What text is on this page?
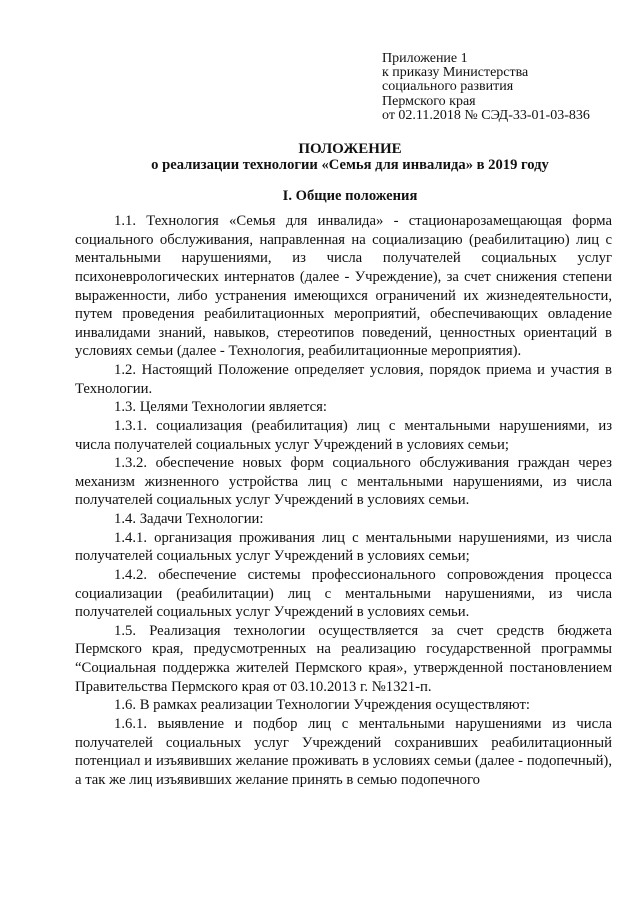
Приложение 1
к приказу Министерства
социального развития
Пермского края
от 02.11.2018 № СЭД-33-01-03-836
ПОЛОЖЕНИЕ
о реализации технологии «Семья для инвалида» в 2019 году
I. Общие положения

1.1. Технология «Семья для инвалида» - стационарозамещающая форма социального обслуживания, направленная на социализацию (реабилитацию) лиц с ментальными нарушениями, из числа получателей социальных услуг психоневрологических интернатов (далее - Учреждение), за счет снижения степени выраженности, либо устранения имеющихся ограничений их жизнедеятельности, путем проведения реабилитационных мероприятий, обеспечивающих овладение инвалидами знаний, навыков, стереотипов поведений, ценностных ориентаций в условиях семьи (далее - Технология, реабилитационные мероприятия).

1.2. Настоящий Положение определяет условия, порядок приема и участия в Технологии.

1.3. Целями Технологии является:

1.3.1. социализация (реабилитация) лиц с ментальными нарушениями, из числа получателей социальных услуг Учреждений в условиях семьи;

1.3.2. обеспечение новых форм социального обслуживания граждан через механизм жизненного устройства лиц с ментальными нарушениями, из числа получателей социальных услуг Учреждений в условиях семьи.

1.4. Задачи Технологии:

1.4.1. организация проживания лиц с ментальными нарушениями, из числа получателей социальных услуг Учреждений в условиях семьи;

1.4.2. обеспечение системы профессионального сопровождения процесса социализации (реабилитации) лиц с ментальными нарушениями, из числа получателей социальных услуг Учреждений в условиях семьи.

1.5. Реализация технологии осуществляется за счет средств бюджета Пермского края, предусмотренных на реализацию государственной программы “Социальная поддержка жителей Пермского края», утвержденной постановлением Правительства Пермского края от 03.10.2013 г. №1321-п.

1.6. В рамках реализации Технологии Учреждения осуществляют:

1.6.1. выявление и подбор лиц с ментальными нарушениями из числа получателей социальных услуг Учреждений сохранивших реабилитационный потенциал и изъявивших желание проживать в условиях семьи (далее - подопечный), а так же лиц изъявивших желание принять в семью подопечного
